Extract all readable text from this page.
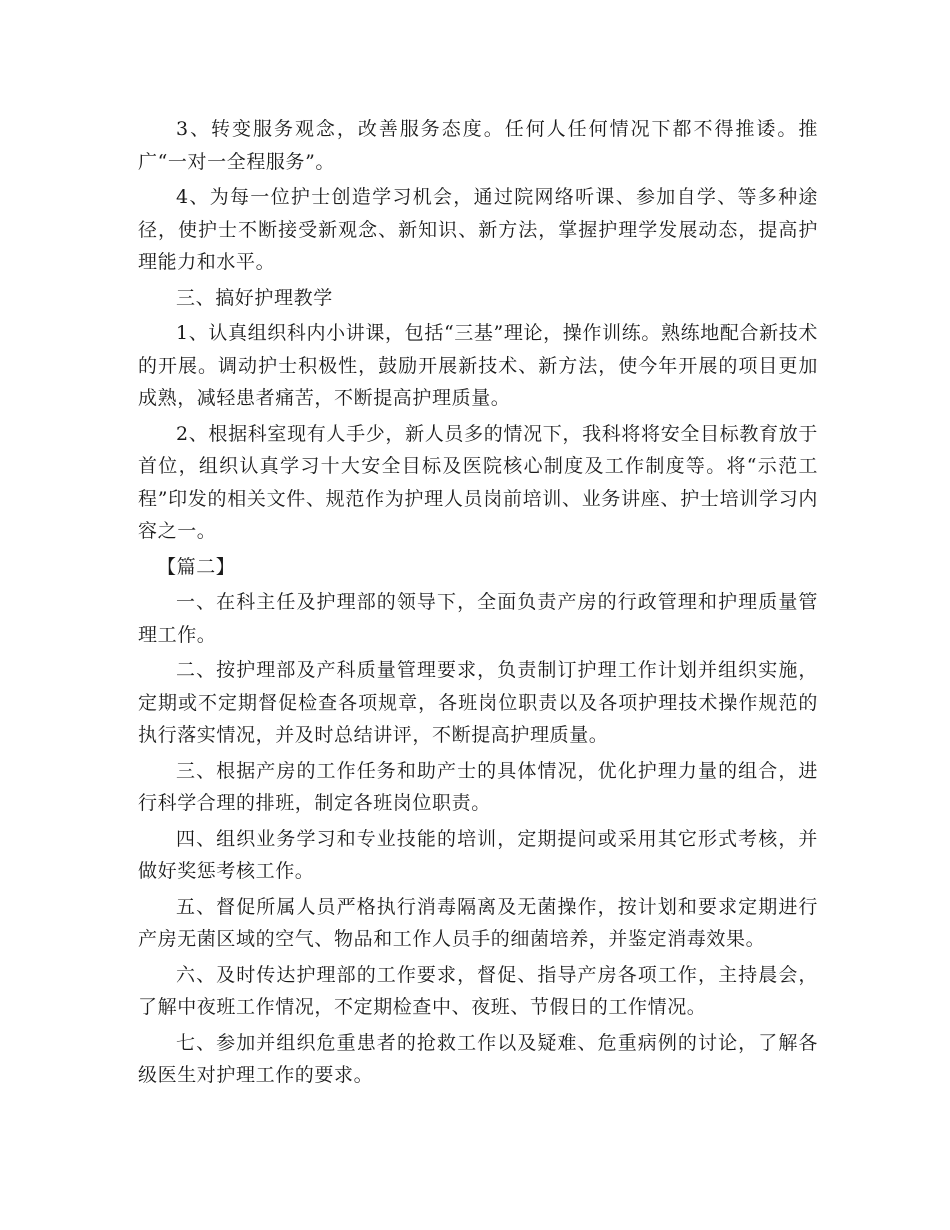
3、转变服务观念，改善服务态度。任何人任何情况下都不得推诿。推广“一对一全程服务”。

4、为每一位护士创造学习机会，通过院网络听课、参加自学、等多种途径，使护士不断接受新观念、新知识、新方法，掌握护理学发展动态，提高护理能力和水平。

三、搞好护理教学

1、认真组织科内小讲课，包括“三基”理论，操作训练。熟练地配合新技术的开展。调动护士积极性，鼓励开展新技术、新方法，使今年开展的项目更加成熟，减轻患者痛苦，不断提高护理质量。

2、根据科室现有人手少，新人员多的情况下，我科将将安全目标教育放于首位，组织认真学习十大安全目标及医院核心制度及工作制度等。将“示范工程”印发的相关文件、规范作为护理人员岗前培训、业务讲座、护士培训学习内容之一。

【篇二】

一、在科主任及护理部的领导下，全面负责产房的行政管理和护理质量管理工作。

二、按护理部及产科质量管理要求，负责制订护理工作计划并组织实施，定期或不定期督促检查各项规章，各班岗位职责以及各项护理技术操作规范的执行落实情况，并及时总结讲评，不断提高护理质量。

三、根据产房的工作任务和助产士的具体情况，优化护理力量的组合，进行科学合理的排班，制定各班岗位职责。

四、组织业务学习和专业技能的培训，定期提问或采用其它形式考核，并做好奖惩考核工作。

五、督促所属人员严格执行消毒隔离及无菌操作，按计划和要求定期进行产房无菌区域的空气、物品和工作人员手的细菌培养，并鉴定消毒效果。

六、及时传达护理部的工作要求，督促、指导产房各项工作，主持晨会，了解中夜班工作情况，不定期检查中、夜班、节假日的工作情况。

七、参加并组织危重患者的抢救工作以及疑难、危重病例的讨论，了解各级医生对护理工作的要求。
